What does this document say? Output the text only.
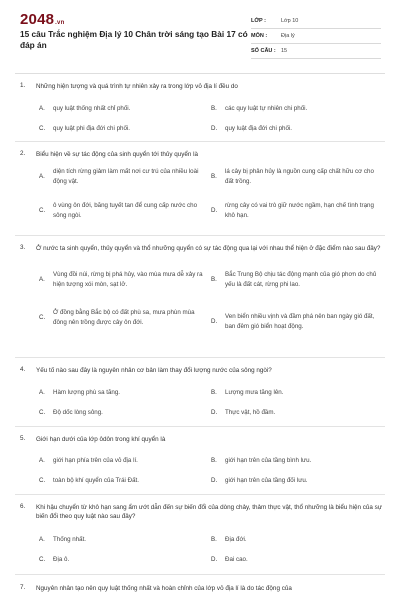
2048.vn
15 câu Trắc nghiệm Địa lý 10 Chân trời sáng tạo Bài 17 có đáp án
LỚP :	Lớp 10
MÔN :	Địa lý
SỐ CÂU : 15
1.	Những hiện tượng và quá trình tự nhiên xảy ra trong lớp vỏ địa lí đều do
A.	quy luật thống nhất chỉ phối.	B.	các quy luật tự nhiên chi phối.
C.	quy luật phi địa đới chi phối.	D.	quy luật địa đới chi phối.
2.	Biểu hiện về sự tác động của sinh quyển tới thủy quyển là
A.
diện tích rừng giảm làm mất nơi cư trú của nhiều loài động vật.
B.
lá cây bị phân hủy là nguồn cung cấp chất hữu cơ cho đất trồng.
C.
ô vùng ôn đới, băng tuyết tan để cung cấp nước cho sông ngòi.
D.
rừng cây có vai trò giữ nước ngầm, hạn chế tình trạng khô hạn.
3.	Ở nước ta sinh quyển, thủy quyển và thổ nhưỡng quyển có sự tác động qua lại với nhau thể hiện ở đặc điểm nào sau đây?
A.
Vùng đồi núi, rừng bị phá hủy, vào mùa mưa dễ xảy ra hiện tượng xói mòn, sạt lở.
B.
Bắc Trung Bộ chịu tác động mạnh của gió phơn do chủ yếu là đất cát, rừng phi lao.
C.
Ở đồng bằng Bắc bộ có đất phù sa, mưa phùn mùa đông nên trồng được cây ôn đới.	D.
Ven biển nhiều vịnh và đầm phá nên ban ngày gió đất, ban đêm gió biển hoạt động.
4.	Yếu tố nào sau đây là nguyên nhân cơ bản làm thay đổi lượng nước của sông ngòi?
A.	Hàm lượng phù sa tăng.	B.	Lượng mưa tăng lên.
C.	Độ dốc lòng sông.	D.	Thực vật, hồ đầm.
5.	Giới hạn dưới của lớp ôdôn trong khí quyển là
A.	giới hạn phía trên của vỏ địa lí.	B.	giới hạn trên của tầng bình lưu.
C.	toàn bộ khí quyển của Trái Đất.	D.	giới hạn trên của tầng đối lưu.
6.	Khi hậu chuyển từ khô hạn sang ẩm ướt dẫn đến sự biến đổi của dòng chảy, thảm thực vật, thổ nhưỡng là biểu hiện của sự biến đổi theo quy luật nào sau đây?
A.	Thống nhất.	B.	Địa đới.
C.	Địa ô.	D.	Đai cao.
7.	Nguyên nhân tạo nên quy luật thống nhất và hoàn chỉnh của lớp vỏ địa lí là do tác động của
